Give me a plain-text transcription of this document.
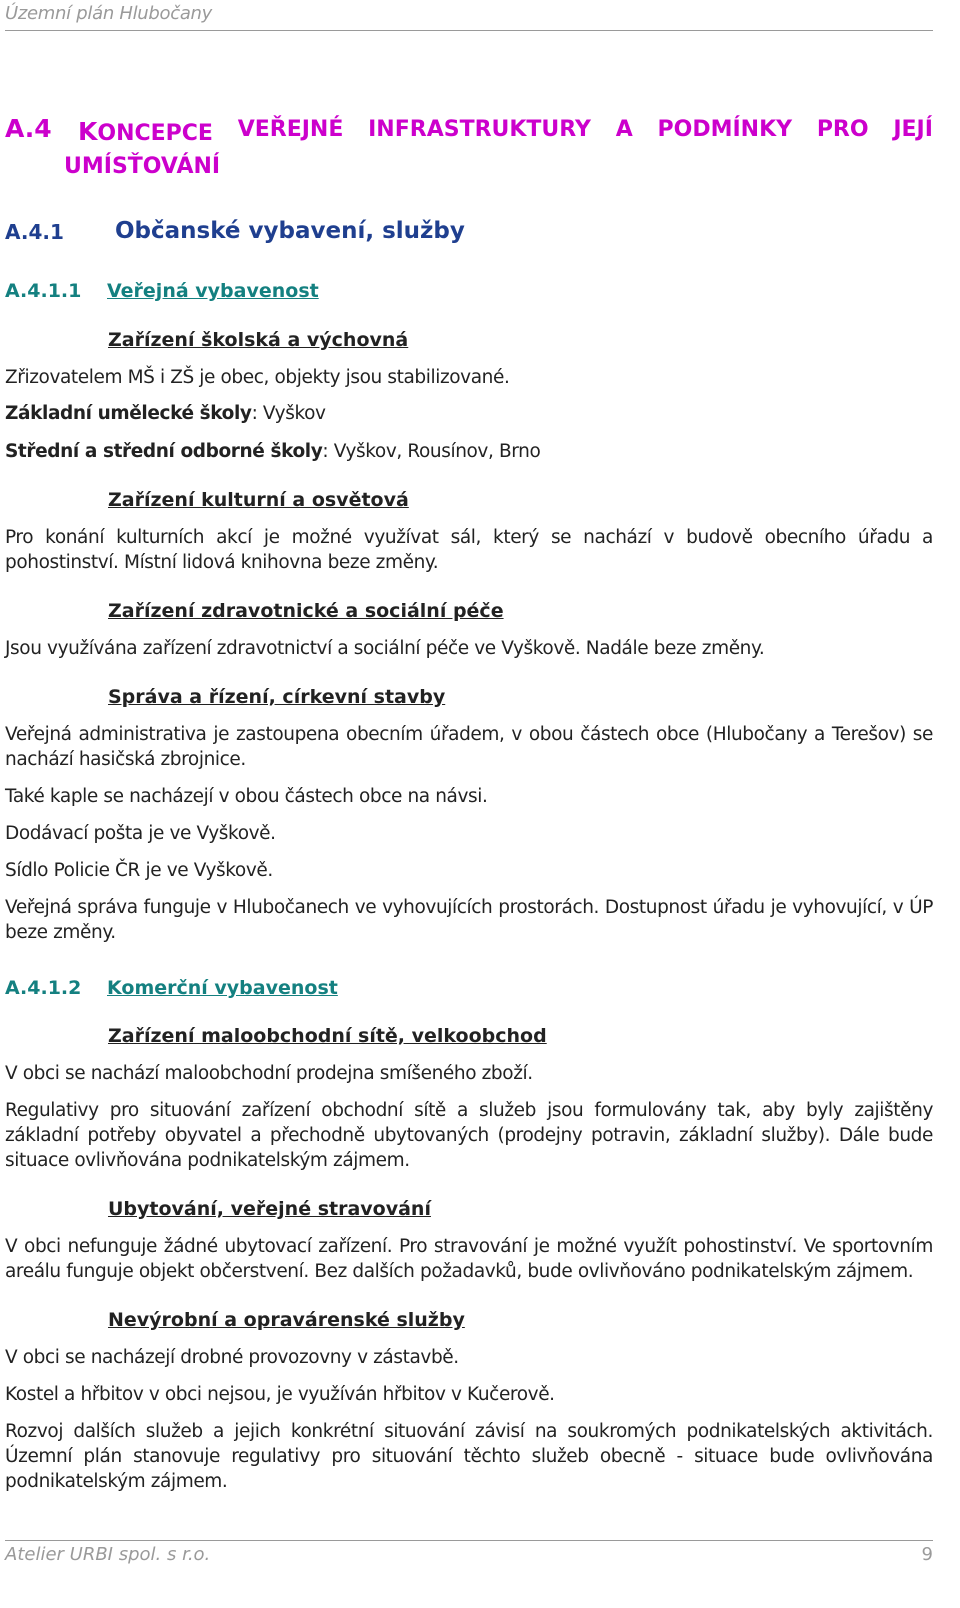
Územní plán Hlubočany
A.4 KONCEPCE VEŘEJNÉ INFRASTRUKTURY A PODMÍNKY PRO JEJÍ
UMÍSŤOVÁNÍ
A.4.1 Občanské vybavení, služby
A.4.1.1 Veřejná vybavenost
Zařízení školská a výchovná
Zřizovatelem MŠ i ZŠ je obec, objekty jsou stabilizované.
Základní umělecké školy: Vyškov
Střední a střední odborné školy: Vyškov, Rousínov, Brno
Zařízení kulturní a osvětová
Pro konání kulturních akcí je možné využívat sál, který se nachází v budově obecního úřadu a pohostinství. Místní lidová knihovna beze změny.
Zařízení zdravotnické a sociální péče
Jsou využívána zařízení zdravotnictví a sociální péče ve Vyškově. Nadále beze změny.
Správa a řízení, církevní stavby
Veřejná administrativa je zastoupena obecním úřadem, v obou částech obce (Hlubočany a Terešov) se nachází hasičská zbrojnice.
Také kaple se nacházejí v obou částech obce na návsi.
Dodávací pošta je ve Vyškově.
Sídlo Policie ČR je ve Vyškově.
Veřejná správa funguje v Hlubočanech ve vyhovujících prostorách. Dostupnost úřadu je vyhovující, v ÚP beze změny.
A.4.1.2 Komerční vybavenost
Zařízení maloobchodní sítě, velkoobchod
V obci se nachází maloobchodní prodejna smíšeného zboží.
Regulativy pro situování zařízení obchodní sítě a služeb jsou formulovány tak, aby byly zajištěny základní potřeby obyvatel a přechodně ubytovaných (prodejny potravin, základní služby). Dále bude situace ovlivňována podnikatelským zájmem.
Ubytování, veřejné stravování
V obci nefunguje žádné ubytovací zařízení. Pro stravování je možné využít pohostinství. Ve sportovním areálu funguje objekt občerstvení. Bez dalších požadavků, bude ovlivňováno podnikatelským zájmem.
Nevýrobní a opravárenské služby
V obci se nacházejí drobné provozovny v zástavbě.
Kostel a hřbitov v obci nejsou, je využíván hřbitov v Kučerově.
Rozvoj dalších služeb a jejich konkrétní situování závisí na soukromých podnikatelských aktivitách. Územní plán stanovuje regulativy pro situování těchto služeb obecně - situace bude ovlivňována podnikatelským zájmem.
Atelier URBI spol. s r.o.	9
